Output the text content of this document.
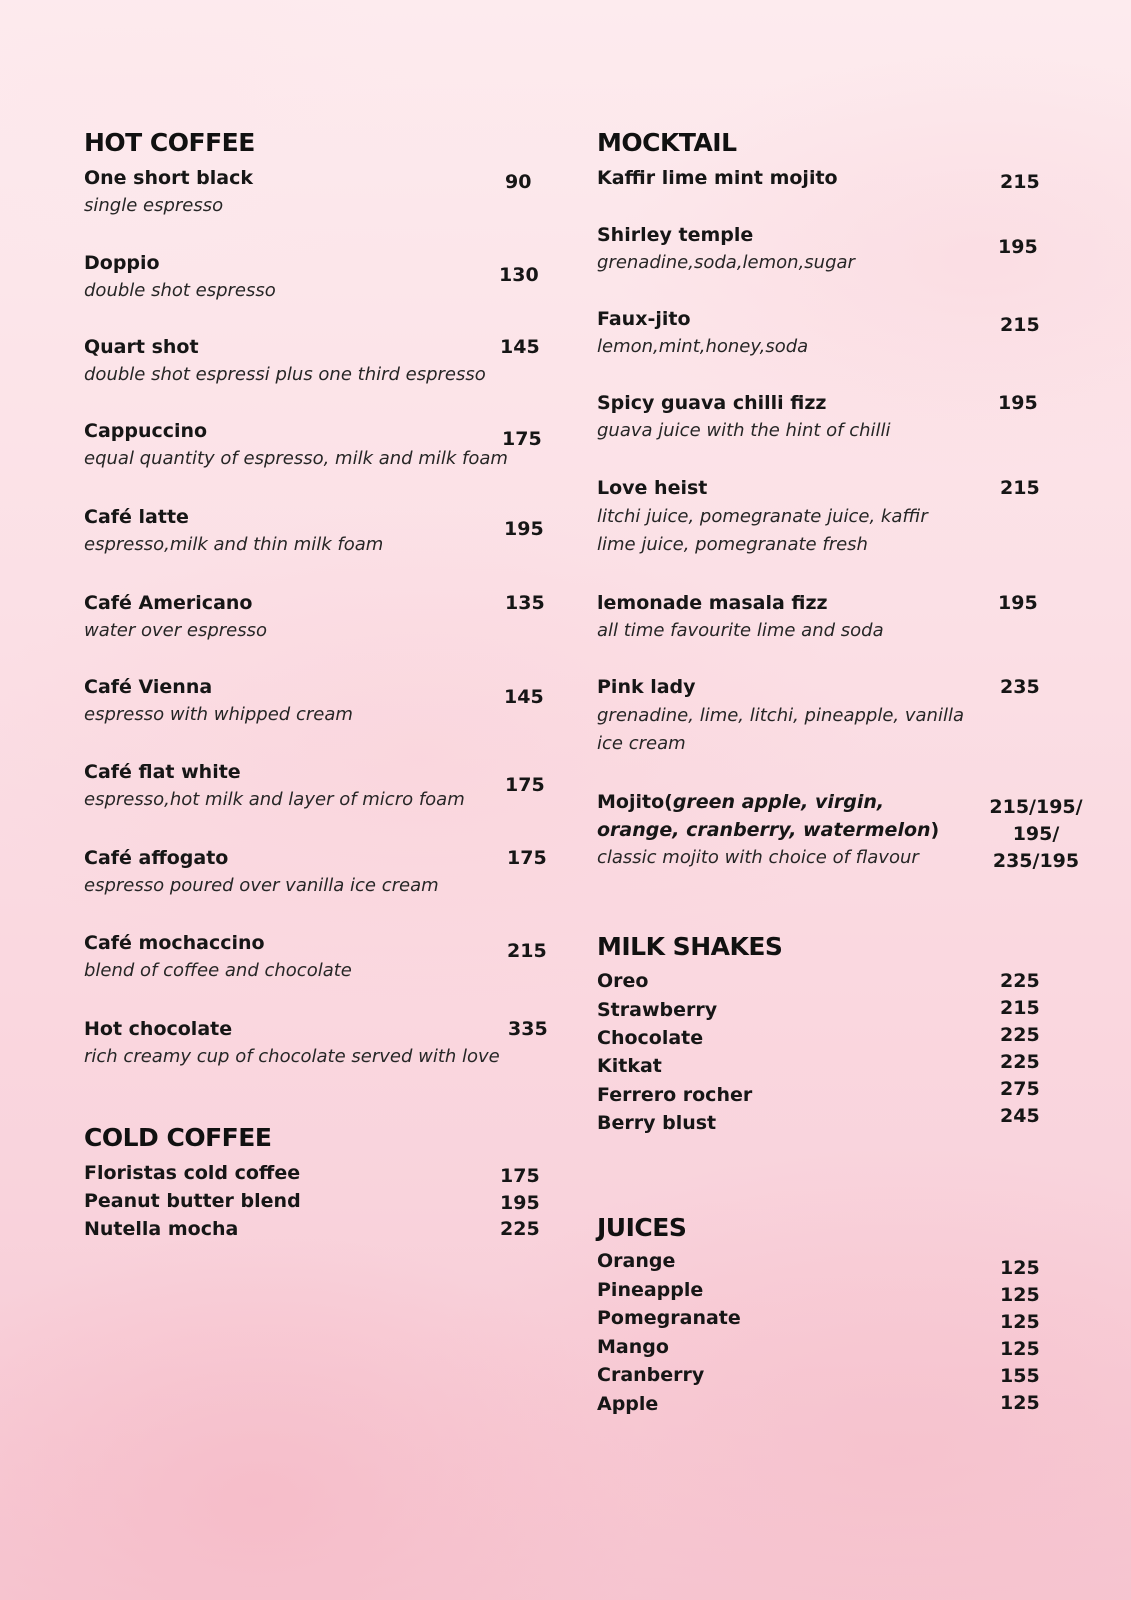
HOT COFFEE
One short black
single espresso
90
Doppio
double shot espresso
130
Quart shot
double shot espressi plus one third espresso
145
Cappuccino
equal quantity of espresso, milk and milk foam
175
Café latte
espresso,milk and thin milk foam
195
Café Americano
water over espresso
135
Café Vienna
espresso with whipped cream
145
Café flat white
espresso,hot milk and layer of micro foam
175
Café affogato
espresso poured over vanilla ice cream
175
Café mochaccino
blend of coffee and chocolate
215
Hot chocolate
rich creamy cup of chocolate served with love
335
COLD COFFEE
Floristas cold coffee	175
Peanut butter blend	195
Nutella mocha	225
MOCKTAIL
Kaffir lime mint mojito	215
Shirley temple
grenadine,soda,lemon,sugar
195
Faux-jito
lemon,mint,honey,soda
215
Spicy guava chilli fizz
guava juice with the hint of chilli
195
Love heist
litchi juice, pomegranate juice, kaffir lime juice, pomegranate fresh
215
lemonade masala fizz
all time favourite lime and soda
195
Pink lady
grenadine, lime, litchi, pineapple, vanilla ice cream
235
Mojito(green apple, virgin, orange, cranberry, watermelon)
classic mojito with choice of flavour
215/195/ 195/ 235/195
MILK SHAKES
Oreo	225
Strawberry	215
Chocolate	225
Kitkat	225
Ferrero rocher	275
Berry blust	245
JUICES
Orange	125
Pineapple	125
Pomegranate	125
Mango	125
Cranberry	155
Apple	125
